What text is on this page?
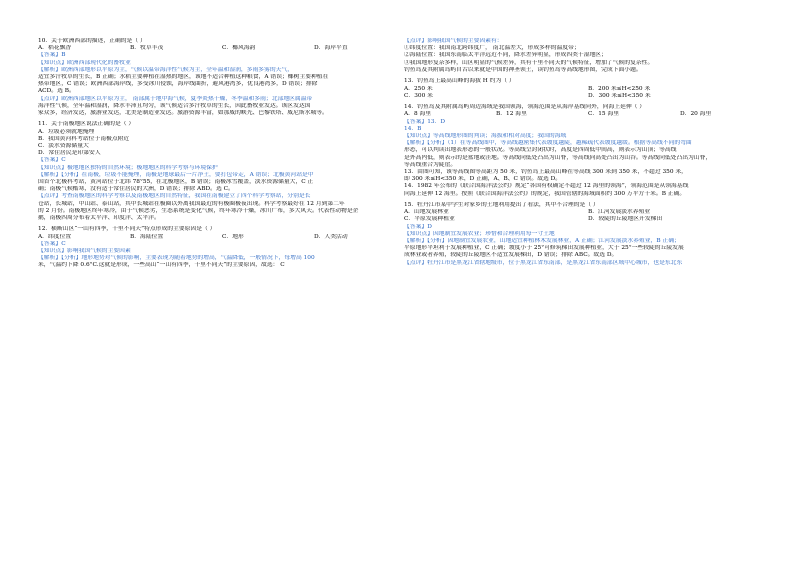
10．关于欧洲西部的描述，正确的是（ ）
A．稻花飘香	B．牧草丰茂	C．椰风海韵	D．海岸平直
【答案】B
【知识点】欧洲西部现代化的畜牧业
【解析】欧洲西部地形以平原为主，气候以温带海洋性气候为主，全年温和湿润，多雨多雾的天气，
适宜多汁牧草的生长，B 正确；水稻主要种植在湿热的地区，该地不适合种植这种粮食，A 错误；椰树主要种植在
热带地区，C 错误；欧洲西部海岸线，多受冰川侵蚀，海岸线曲折，避风港湾多，优良港湾多，D 错误；排除
ACD。选 B。
【点评】欧洲西部地区以平原为主， 南部属于地中海气候，夏季炎热干燥，冬季温和多雨；北部地区属温带
海洋性气候，全年温和湿润，降水丰沛且均匀，该气候适合多汁牧草的生长，因此畜牧业发达。该区发达国
家众多，经济发达，旅游业发达，北美是制造业发达。旅游资源丰富，如那威的峡光、巴黎铁塔、威尼斯水城等。
11．关于南极地区说法正确的是（ ）
A．垃圾必须就地掩埋
B．我国黄河科考站位于南极点附近
C．淡水资源储量大
D．常住居民是印第安人
【答案】C
【知识点】极地地区独特的自然环境；极地地区的科学考察与环境保护
【解析】【分析】在南极，垃圾不能掩埋，南极是地球最后一片净土，要打包带走，A 错误；北极黄河站是中
国首个北极科考站，黄河站位于北纬 78°55，在北极地区，B 错误；南极冰雪覆盖，淡水资源储量大，C 正
确；南极气候酷寒，没有适于常住居民的大洲，D 错误；排除 ABD。选 C。
【点评】考查南极地区的科学考察以及南极地区的自然特征，我国在南极建立了四个科学考察站，分别是长
仓站，长城站，中山站、泰山站，其中长城站在极圈以外离我国最近的有极圈极夜出现。科学考察最好在 12 月到第二年
的 2 月份。南极地区终年寒冷，由于气候恶劣，生态系统是变化气候，终年寒冷干燥，冰川广布，多大风天。代表性动物是企
鹅，南极四周分布着太平洋、印度洋、太平洋。
12．横断山区“一山有四季，十里不同天”特点形成的主要原因是（ ）
A．纬度位置	B．海陆位置	C．地形	D．人类活动
【答案】C
【知识点】影响我国气候的主要因素
【解析】【分析】地形地势对气候的影响，主要表现为随着地势的增高，气温降低，一般情况下，每增高 100
米，气温约下降 0.6°C.这就是形成，一些高山“一山有四季，十里不同天”的主要原因，故选： C
【点评】影响我国气候的主要因素有：
①纬度位置：我国南北跨纬度广， 南北温差大，形成多样的温度带；
②海陆位置：我国东南临太平洋远近不同，降水差异明显，形成四类干湿地区；
③我国地形复杂多样，山区明显的气候差异，其有十里不同天的气候特征，增加了气候的复杂性。
钓鱼岛及其附属岛屿自古以来就是中国的神圣领土，读钓鱼岛等高线地形图，完成下面小题。
13．钓鱼岛上最高山峰的海拔 H 约为（ ）
A．250 米	B．200 米≤H<250 米
C．300 米	D．300 米≤H<350 米
14．钓鱼岛及其附属岛屿周边海域是我国领海，领海范围是从海岸基线向外，向海上延伸（ ）
A．8 海里	B．12 海里	C．15 海里	D．20 海里
【答案】13．D
14．B
【知识点】等高线地形图的判读；海拔和相对高度；我国的海域
【解析】【分析】（1）在等高线图中，等高线越密集代表坡度越陡，越稀疏代表坡度越缓。根据等高线不同的弯曲
形态，可以判读出地表形态的一般状况。等高线呈封闭状时，高度是四周低中间高，则表示为山顶；等高线
是外高内低，则表示的是盆地或洼地。等高线向低处凸出为山脊，等高线向高处凸出为山谷。等高线向低处凸出为山脊，
等高线重合为陡崖。
13．由图可知，该等高线图等高距为 50 米，钓鱼岛上最高山峰在等高线 300 米到 350 米，不超过 350 米，
即 300 米≤H<350 米，D 正确，A、B、C 错误。故选 D。
14．1982 年公布的《联合国海洋法公约》规定“各国有权确定不超过 12 海里的领海”，领海范围是从领海基线
向海上延伸 12 海里。按照《联合国海洋法公约》的规定，我国管辖的海域面积约 300 万平方千米。B 正确。
15．牡丹江市某中学生对家乡的土地利用提出了看法，其中不合理的是（ ）
A．山地发展林业	B．江河发展淡水养殖业
C．平原发展种植业	D．较陡的丘陵地区开发梯田
【答案】D
【知识点】因地制宜发展农业；珍惜和合理利用每一寸土地
【解析】【分析】因地制宜发展农业，山地适宜种植林木发展林业，A 正确；江河发展淡水养殖业，B 正确；
平原地形平坦利于发展种植业，C 正确；坡度小于 25°可修筑梯田发展种植业，大于 25°一些较陡的丘陵发展
成林业或者养殖，较陡的丘陵地区不适宜发展梯田，D 错误；排除 ABC。故选 D。
【点评】牡丹江市是黑龙江省辖地级市，位于黑龙江省东南部，是黑龙江省东南部区域中心城市，也是东北东
